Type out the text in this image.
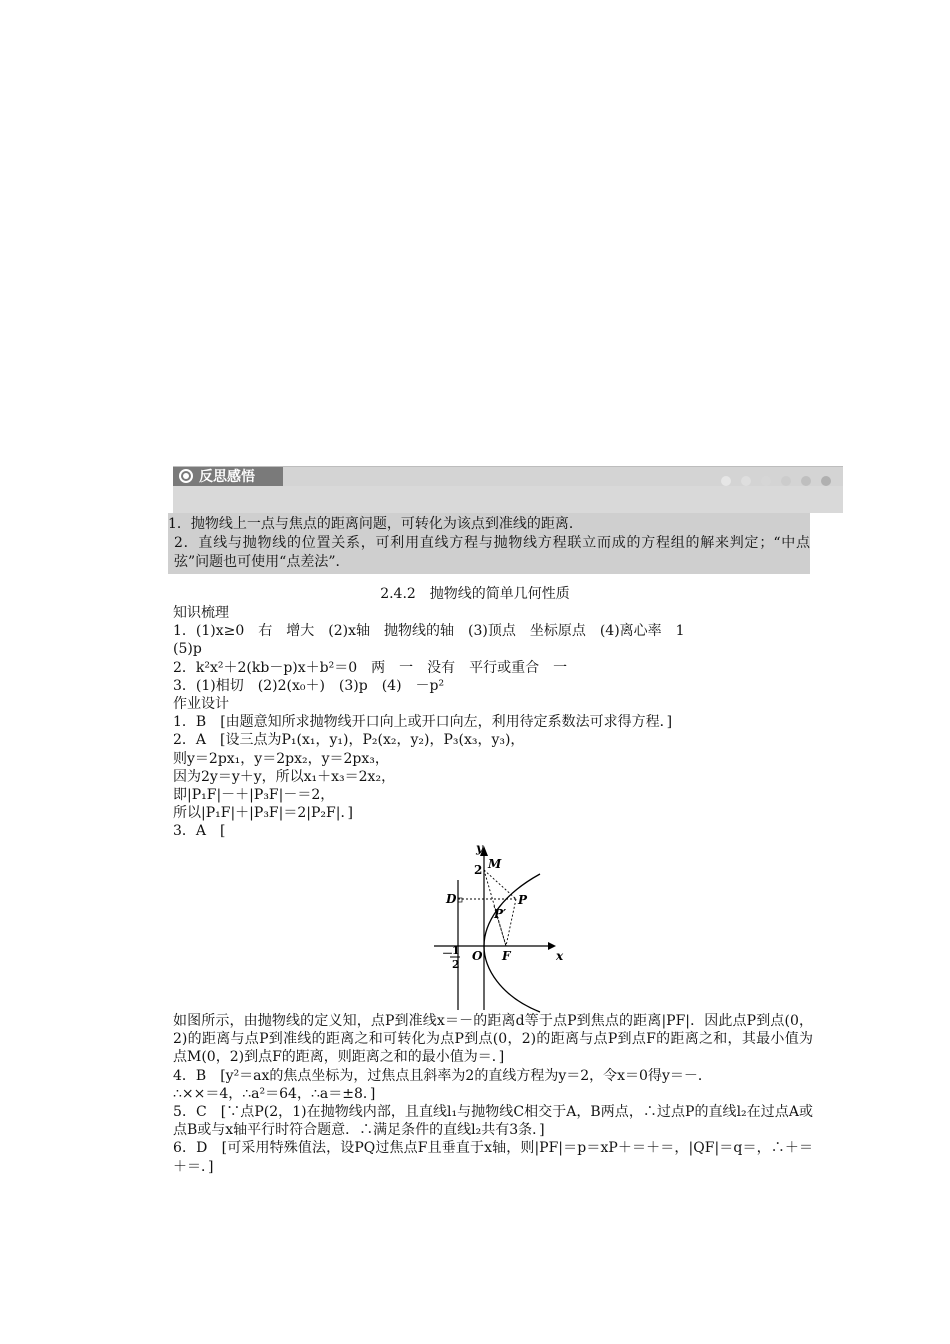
反思感悟

1．抛物线上一点与焦点的距离问题，可转化为该点到准线的距离．

2．直线与抛物线的位置关系，可利用直线方程与抛物线方程联立而成的方程组的解来判定；“中点弦”问题也可使用“点差法”．

2.4.2　抛物线的简单几何性质

知识梳理

1．(1)x≥0　右　增大　(2)x轴　抛物线的轴　(3)顶点　坐标原点　(4)离心率　1

(5)p

2．k²x²＋2(kb－p)x＋b²＝0　两　一　没有　平行或重合　一

3．(1)相切　(2)2(x₀＋)　(3)p　(4)　－p²

作业设计

1．B　[由题意知所求抛物线开口向上或开口向左，利用待定系数法可求得方程．]

2．A　[设三点为P₁(x₁，y₁)，P₂(x₂，y₂)，P₃(x₃，y₃)，

则y＝2px₁，y＝2px₂，y＝2px₃，

因为2y＝y＋y，所以x₁＋x₃＝2x₂，

即|P₁F|－＋|P₃F|－＝2，

所以|P₁F|＋|P₃F|＝2|P₂F|．]

3．A　[

y
x
M
2
D	P
P′
O F
－ 1
2

如图所示，由抛物线的定义知，点P到准线x＝－的距离d等于点P到焦点的距离|PF|．因此点P到点(0，2)的距离与点P到准线的距离之和可转化为点P到点(0，2)的距离与点P到点F的距离之和，其最小值为点M(0，2)到点F的距离，则距离之和的最小值为＝．]

4．B　[y²＝ax的焦点坐标为，过焦点且斜率为2的直线方程为y＝2，令x＝0得y＝－．

∴××＝4，∴a²＝64，∴a＝±8．]

5．C　[∵点P(2，1)在抛物线内部，且直线l₁与抛物线C相交于A，B两点，∴过点P的直线l₂在过点A或点B或与x轴平行时符合题意．∴满足条件的直线l₂共有3条．]

6．D　[可采用特殊值法，设PQ过焦点F且垂直于x轴，则|PF|＝p＝xP＋＝＋＝，|QF|＝q＝，∴＋＝＋＝．]
